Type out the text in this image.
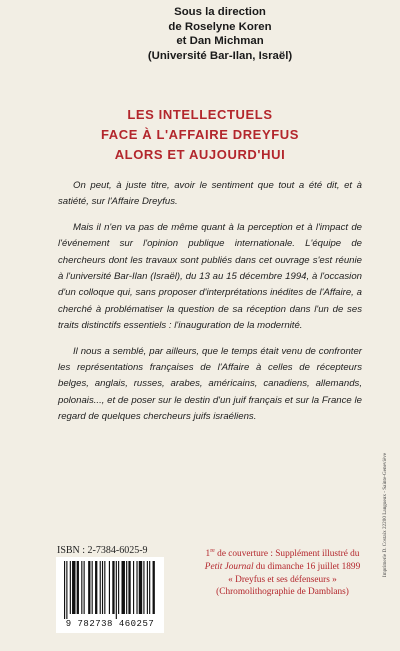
Sous la direction
de Roselyne Koren
et Dan Michman
(Université Bar-Ilan, Israël)
LES INTELLECTUELS
FACE À L'AFFAIRE DREYFUS
ALORS ET AUJOURD'HUI

On peut, à juste titre, avoir le sentiment que tout a été dit, et à satiété, sur l'Affaire Dreyfus.

Mais il n'en va pas de même quant à la perception et à l'impact de l'événement sur l'opinion publique internationale. L'équipe de chercheurs dont les travaux sont publiés dans cet ouvrage s'est réunie à l'université Bar-Ilan (Israël), du 13 au 15 décembre 1994, à l'occasion d'un colloque qui, sans proposer d'interprétations inédites de l'Affaire, a cherché à problématiser la question de sa réception dans l'un de ses traits distinctifs essentiels : l'inauguration de la modernité.

Il nous a semblé, par ailleurs, que le temps était venu de confronter les représentations françaises de l'Affaire à celles de récepteurs belges, anglais, russes, arabes, américains, canadiens, allemands, polonais..., et de poser sur le destin d'un juif français et sur la France le regard de quelques chercheurs juifs israéliens.

Imprimerie D. Costaix 22200 Langueux - Sainte-Geneviève
ISBN : 2-7384-6025-9
9 782738 460257
1re de couverture : Supplément illustré du
Petit Journal du dimanche 16 juillet 1899
« Dreyfus et ses défenseurs »
(Chromolithographie de Damblans)
